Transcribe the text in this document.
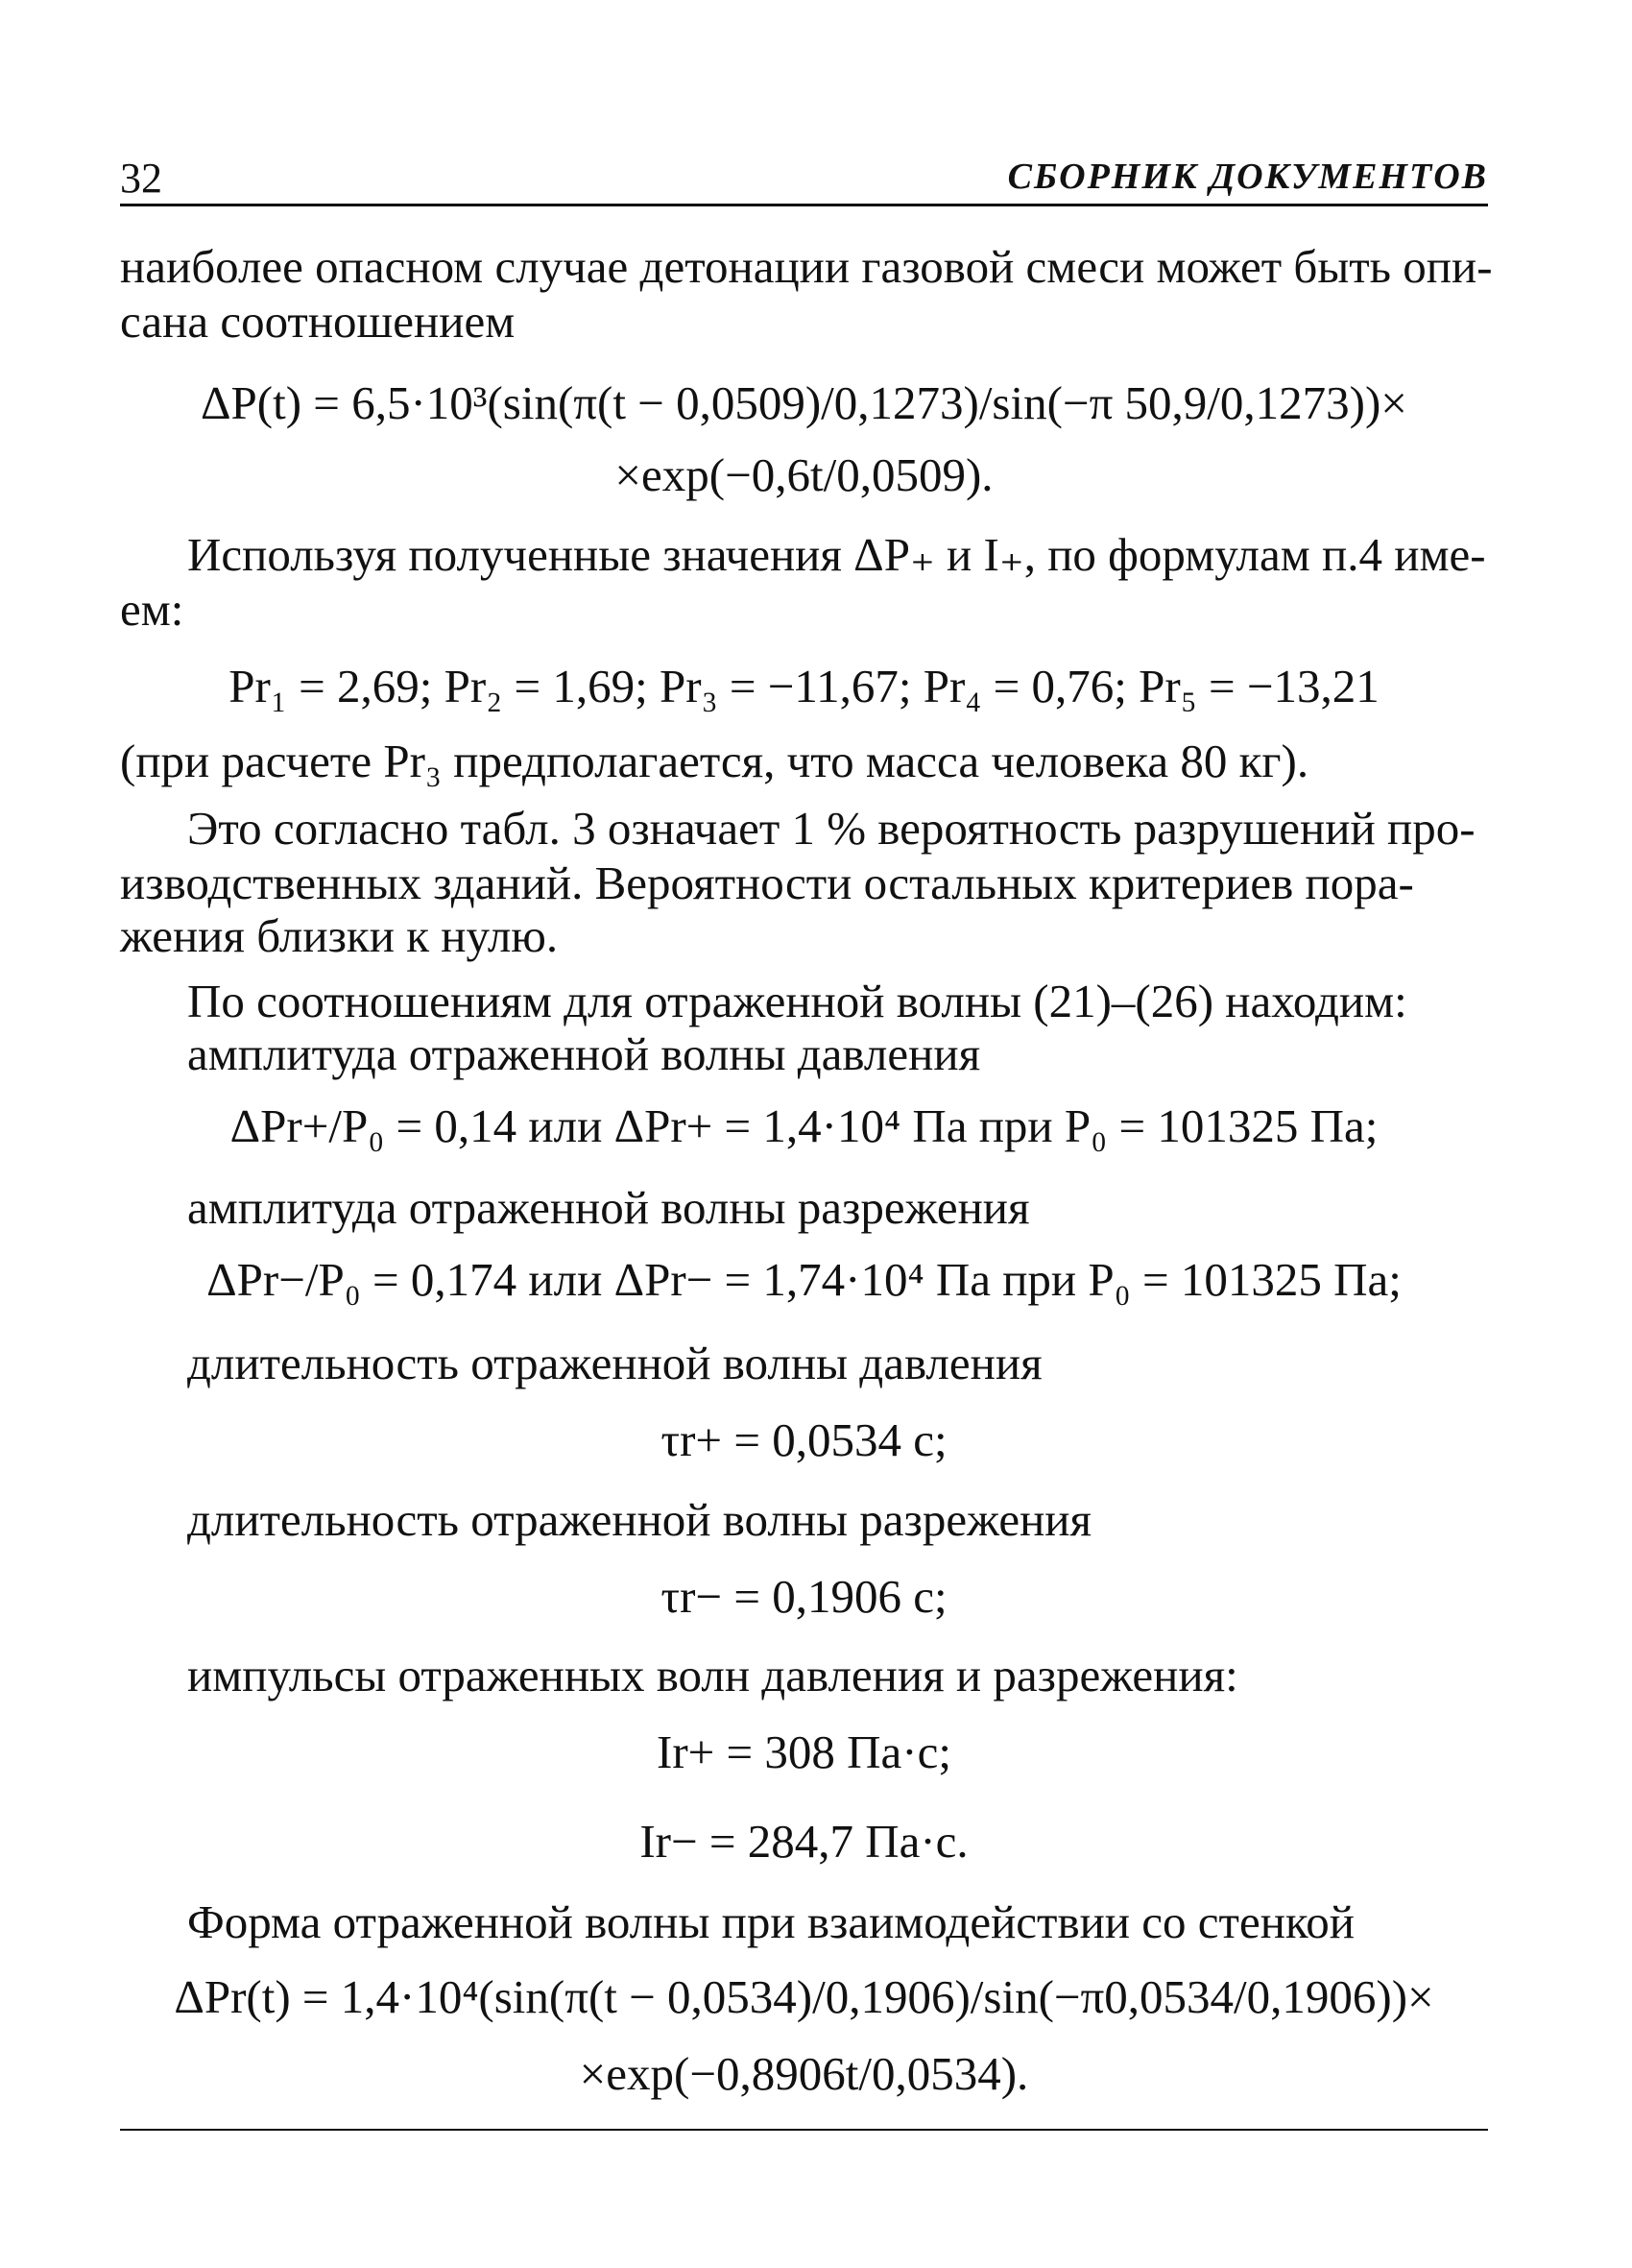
32	СБОРНИК ДОКУМЕНТОВ
наиболее опасном случае детонации газовой смеси может быть опи-
сана соотношением
ΔP(t) = 6,5·10³(sin(π(t − 0,0509)/0,1273)/sin(−π 50,9/0,1273))×
×exp(−0,6t/0,0509).
Используя полученные значения ΔP₊ и I₊, по формулам п.4 име-
ем:
Pr₁ = 2,69; Pr₂ = 1,69; Pr₃ = −11,67; Pr₄ = 0,76; Pr₅ = −13,21
(при расчете Pr₃ предполагается, что масса человека 80 кг).
Это согласно табл. 3 означает 1 % вероятность разрушений про-
изводственных зданий. Вероятности остальных критериев пора-
жения близки к нулю.
По соотношениям для отраженной волны (21)–(26) находим:
амплитуда отраженной волны давления
ΔPr+/P₀ = 0,14 или ΔPr+ = 1,4·10⁴ Па при P₀ = 101325 Па;
амплитуда отраженной волны разрежения
ΔPr−/P₀ = 0,174 или ΔPr− = 1,74·10⁴ Па при P₀ = 101325 Па;
длительность отраженной волны давления
τr+ = 0,0534 с;
длительность отраженной волны разрежения
τr− = 0,1906 с;
импульсы отраженных волн давления и разрежения:
Ir+ = 308 Па·с;
Ir− = 284,7 Па·с.
Форма отраженной волны при взаимодействии со стенкой
ΔPr(t) = 1,4·10⁴(sin(π(t − 0,0534)/0,1906)/sin(−π0,0534/0,1906))×
×exp(−0,8906t/0,0534).
